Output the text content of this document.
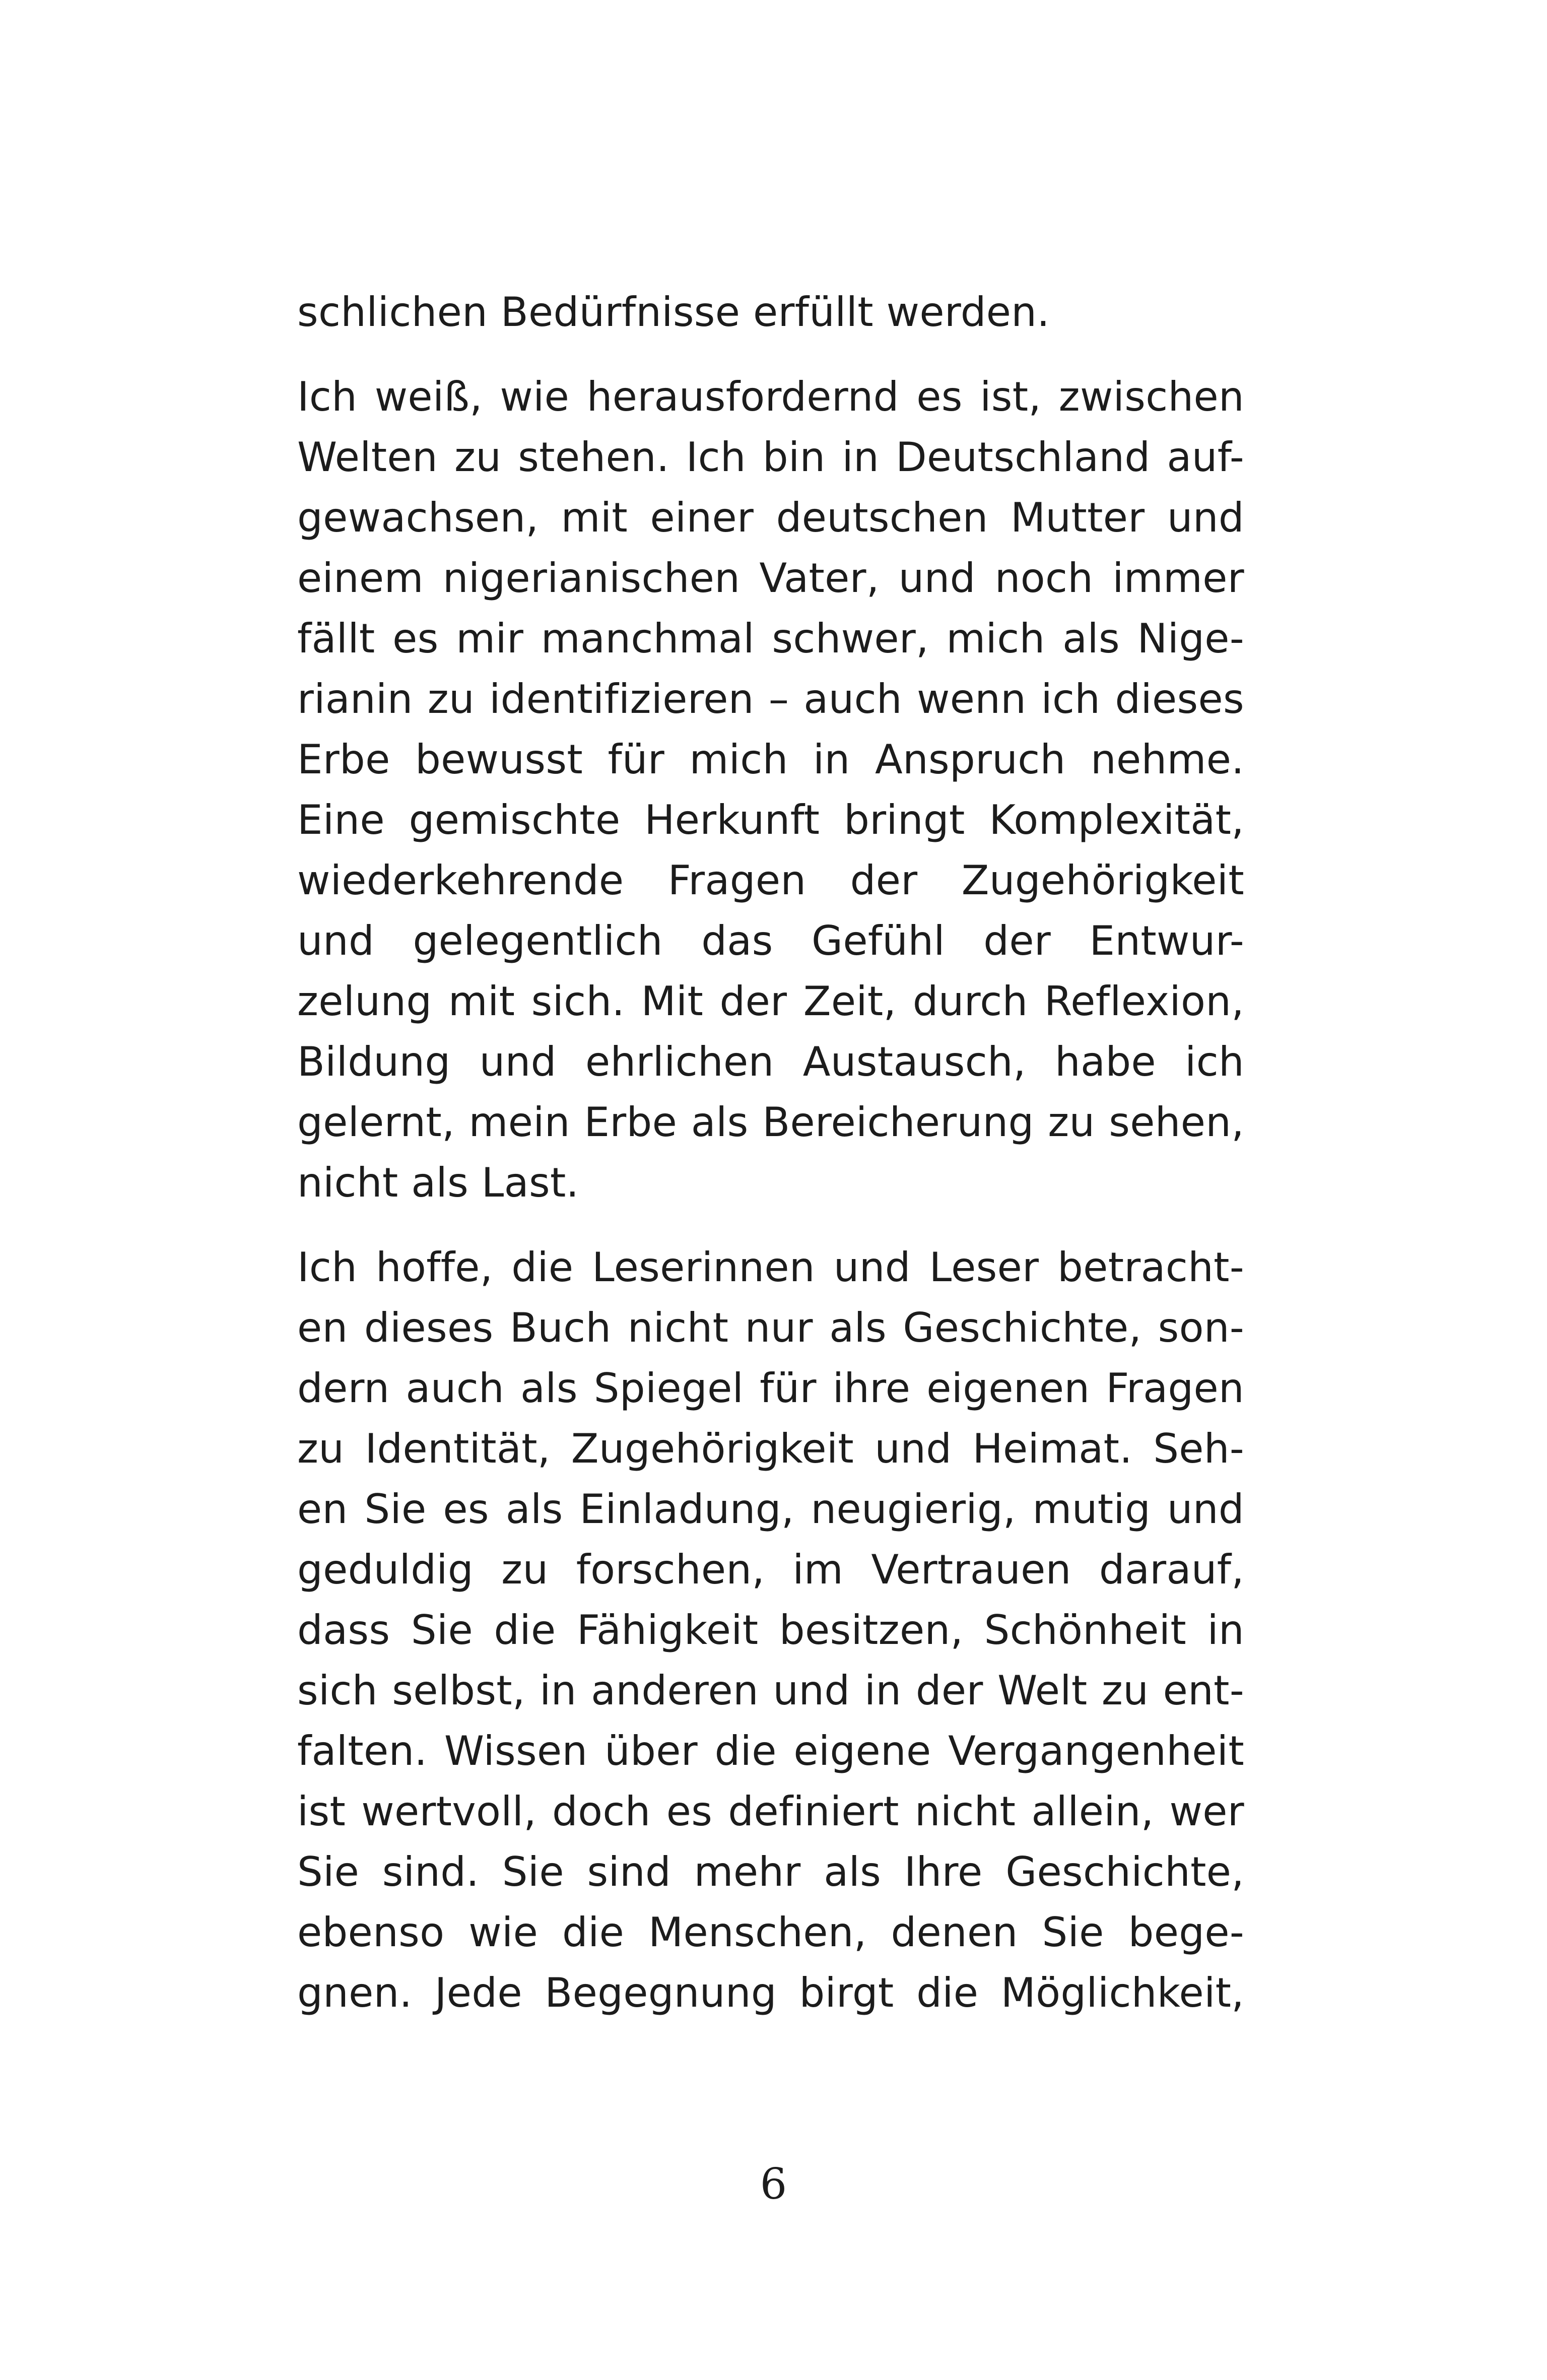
schlichen Bedürfnisse erfüllt werden.

Ich weiß, wie herausfordernd es ist, zwischen
Welten zu stehen. Ich bin in Deutschland auf-
gewachsen, mit einer deutschen Mutter und
einem nigerianischen Vater, und noch immer
fällt es mir manchmal schwer, mich als Nige-
rianin zu identifizieren – auch wenn ich dieses
Erbe bewusst für mich in Anspruch nehme.
Eine gemischte Herkunft bringt Komplexität,
wiederkehrende Fragen der Zugehörigkeit
und gelegentlich das Gefühl der Entwur-
zelung mit sich. Mit der Zeit, durch Reflexion,
Bildung und ehrlichen Austausch, habe ich
gelernt, mein Erbe als Bereicherung zu sehen,
nicht als Last.

Ich hoffe, die Leserinnen und Leser betracht-
en dieses Buch nicht nur als Geschichte, son-
dern auch als Spiegel für ihre eigenen Fragen
zu Identität, Zugehörigkeit und Heimat. Seh-
en Sie es als Einladung, neugierig, mutig und
geduldig zu forschen, im Vertrauen darauf,
dass Sie die Fähigkeit besitzen, Schönheit in
sich selbst, in anderen und in der Welt zu ent-
falten. Wissen über die eigene Vergangenheit
ist wertvoll, doch es definiert nicht allein, wer
Sie sind. Sie sind mehr als Ihre Geschichte,
ebenso wie die Menschen, denen Sie bege-
gnen. Jede Begegnung birgt die Möglichkeit,

6
